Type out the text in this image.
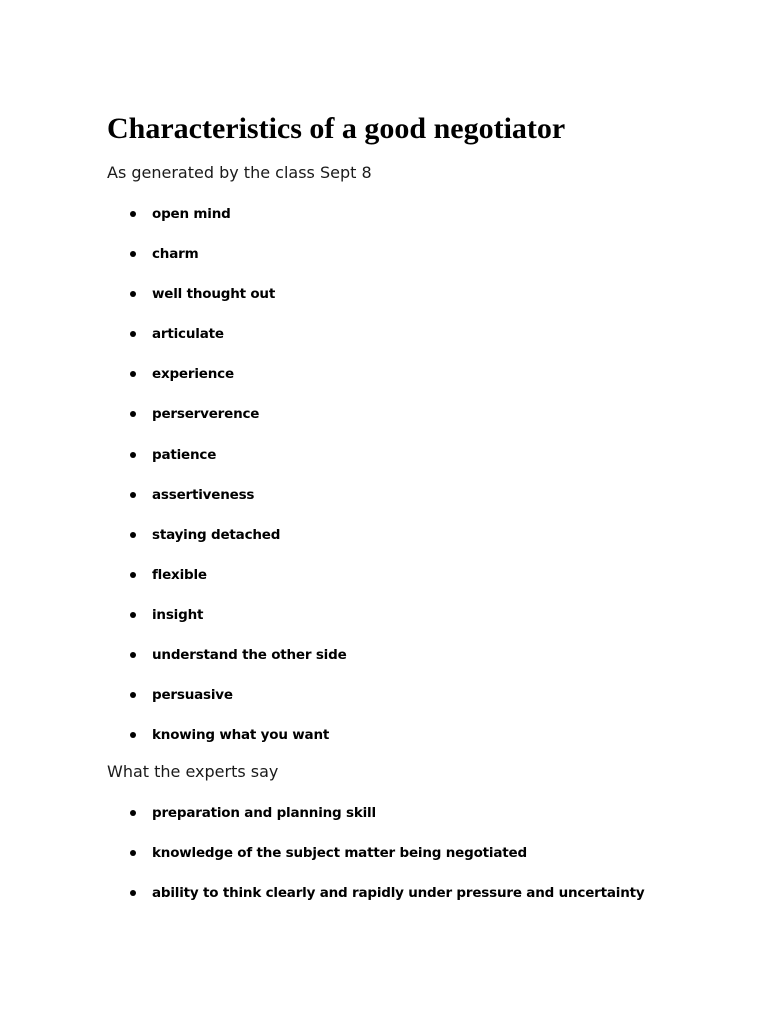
Characteristics of a good negotiator
As generated by the class Sept 8
open mind
charm
well thought out
articulate
experience
perserverence
patience
assertiveness
staying detached
flexible
insight
understand the other side
persuasive
knowing what you want
What the experts say
preparation and planning skill
knowledge of the subject matter being negotiated
ability to think clearly and rapidly under pressure and uncertainty
